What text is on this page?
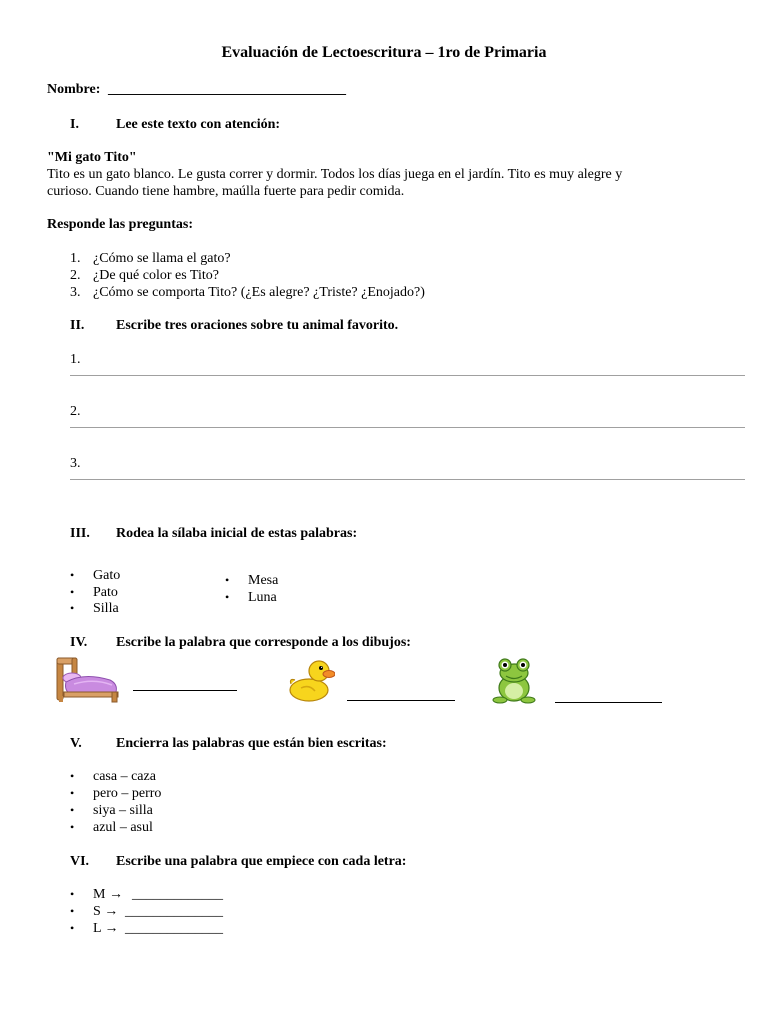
Evaluación de Lectoescritura – 1ro de Primaria
Nombre: __________________________________
I.	Lee este texto con atención:
"Mi gato Tito"
Tito es un gato blanco. Le gusta correr y dormir. Todos los días juega en el jardín. Tito es muy alegre y
curioso. Cuando tiene hambre, maúlla fuerte para pedir comida.
Responde las preguntas:
1. ¿Cómo se llama el gato?
2. ¿De qué color es Tito?
3. ¿Cómo se comporta Tito? (¿Es alegre? ¿Triste? ¿Enojado?)
II. Escribe tres oraciones sobre tu animal favorito.
1.
2.
3.
III. Rodea la sílaba inicial de estas palabras:
• Gato
• Pato
• Silla
• Mesa
• Luna
IV. Escribe la palabra que corresponde a los dibujos:
V. Encierra las palabras que están bien escritas:
• casa – caza
• pero – perro
• siya – silla
• azul – asul
VI. Escribe una palabra que empiece con cada letra:
• M → _____________
• S → ______________
• L → ______________
